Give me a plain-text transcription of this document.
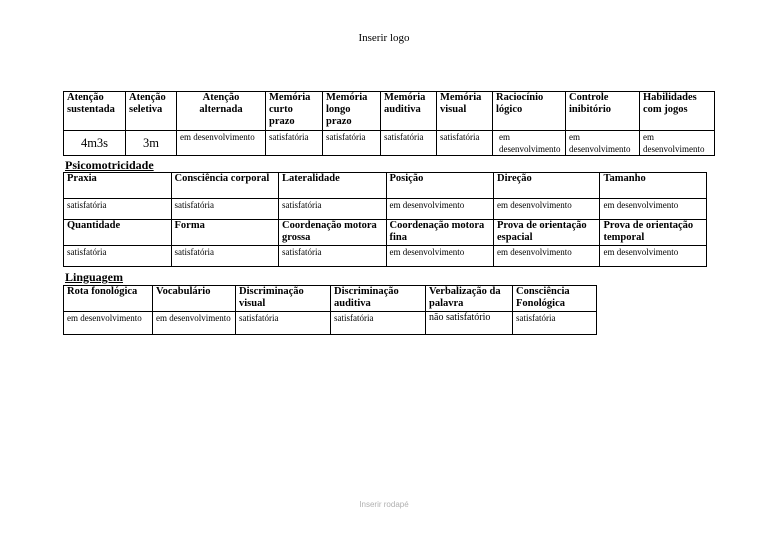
Inserir logo
Atenção sustentada	Atenção seletiva	Atenção alternada	Memória curto prazo	Memória longo prazo	Memória auditiva	Memória visual	Raciocínio lógico	Controle inibitório	Habilidades com jogos
4m3s	3m	em desenvolvimento	satisfatória	satisfatória	satisfatória	satisfatória	em desenvolvimento	em desenvolvimento	em desenvolvimento
Psicomotricidade
Praxia	Consciência corporal	Lateralidade	Posição	Direção	Tamanho
satisfatória	satisfatória	satisfatória	em desenvolvimento	em desenvolvimento	em desenvolvimento
Quantidade	Forma	Coordenação motora grossa	Coordenação motora fina	Prova de orientação espacial	Prova de orientação temporal
satisfatória	satisfatória	satisfatória	em desenvolvimento	em desenvolvimento	em desenvolvimento
Linguagem
Rota fonológica	Vocabulário	Discriminação visual	Discriminação auditiva	Verbalização da palavra	Consciência Fonológica
em desenvolvimento	em desenvolvimento	satisfatória	satisfatória	não satisfatório	satisfatória
Inserir rodapé
